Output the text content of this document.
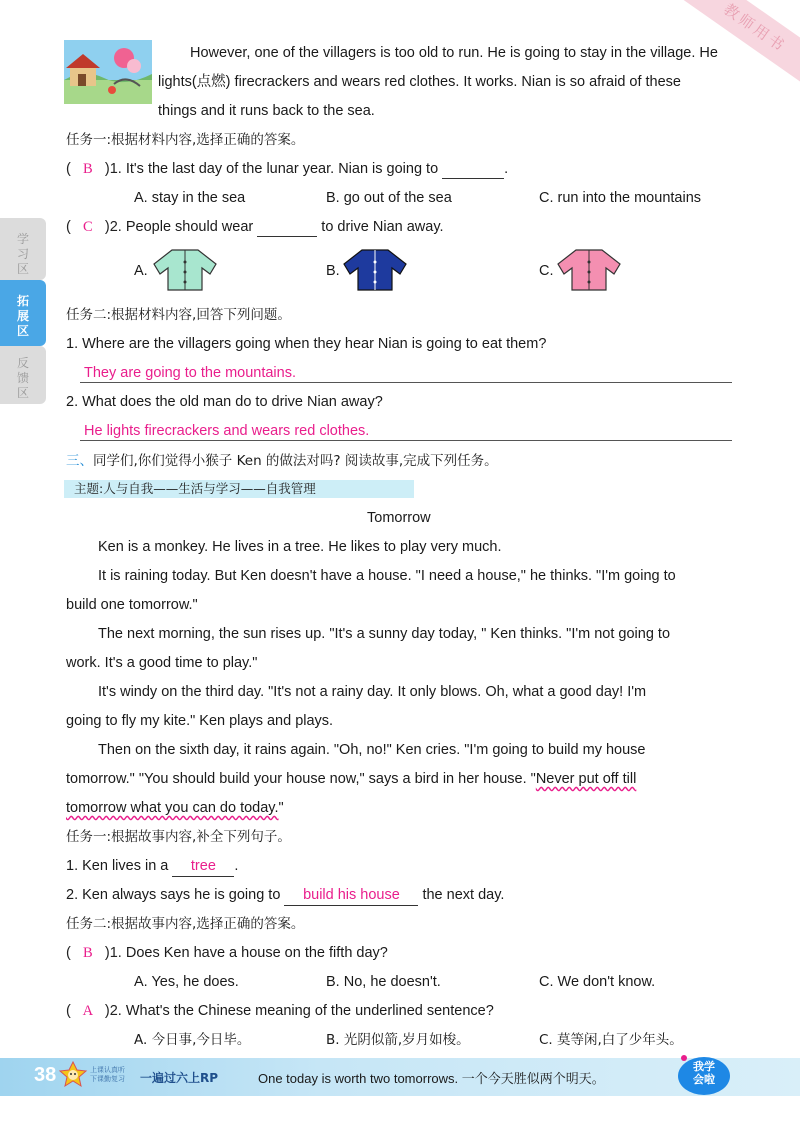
教师用书
学习区
拓展区
反馈区
However, one of the villagers is too old to run. He is going to stay in the village. He
lights(点燃) firecrackers and wears red clothes. It works. Nian is so afraid of these
things and it runs back to the sea.
任务一:根据材料内容,选择正确的答案。
( B )1. It's the last day of the lunar year. Nian is going to	.
A. stay in the sea	B. go out of the sea	C. run into the mountains
( C )2. People should wear	to drive Nian away.
A.	B.	C.
任务二:根据材料内容,回答下列问题。
1. Where are the villagers going when they hear Nian is going to eat them?
They are going to the mountains.
2. What does the old man do to drive Nian away?
He lights firecrackers and wears red clothes.
三、同学们,你们觉得小猴子 Ken 的做法对吗? 阅读故事,完成下列任务。
主题:人与自我——生活与学习——自我管理
Tomorrow
Ken is a monkey. He lives in a tree. He likes to play very much.
It is raining today. But Ken doesn't have a house. "I need a house," he thinks. "I'm going to
build one tomorrow."
The next morning, the sun rises up. "It's a sunny day today, " Ken thinks. "I'm not going to
work. It's a good time to play."
It's windy on the third day. "It's not a rainy day. It only blows. Oh, what a good day! I'm
going to fly my kite." Ken plays and plays.
Then on the sixth day, it rains again. "Oh, no!" Ken cries. "I'm going to build my house
tomorrow." "You should build your house now," says a bird in her house. "Never put off till
tomorrow what you can do today."
任务一:根据故事内容,补全下列句子。
1. Ken lives in a tree .
2. Ken always says he is going to build his house the next day.
任务二:根据故事内容,选择正确的答案。
( B )1. Does Ken have a house on the fifth day?
A. Yes, he does.	B. No, he doesn't.	C. We don't know.
( A )2. What's the Chinese meaning of the underlined sentence?
A. 今日事,今日毕。	B. 光阴似箭,岁月如梭。	C. 莫等闲,白了少年头。
38	上课认真听
下课勤复习 一遍过六上RP	One today is worth two tomorrows. 一个今天胜似两个明天。
我学
会啦
